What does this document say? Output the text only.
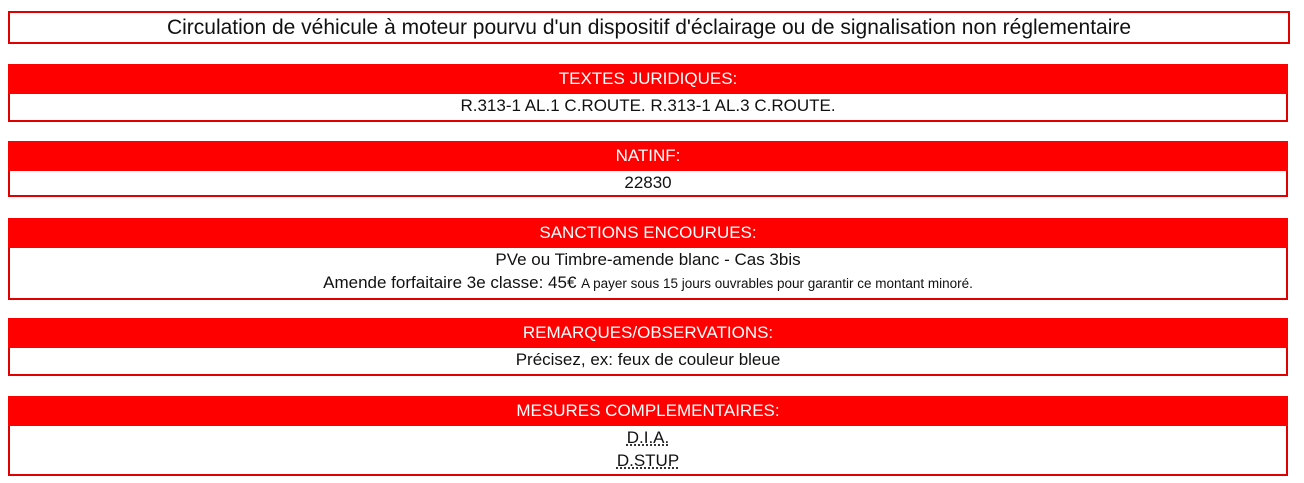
Circulation de véhicule à moteur pourvu d'un dispositif d'éclairage ou de signalisation non réglementaire
TEXTES JURIDIQUES:
R.313-1 AL.1 C.ROUTE. R.313-1 AL.3 C.ROUTE.
NATINF:
22830
SANCTIONS ENCOURUES:
PVe ou Timbre-amende blanc - Cas 3bis
Amende forfaitaire 3e classe: 45€ A payer sous 15 jours ouvrables pour garantir ce montant minoré.
REMARQUES/OBSERVATIONS:
Précisez, ex: feux de couleur bleue
MESURES COMPLEMENTAIRES:
D.I.A.
D.STUP
